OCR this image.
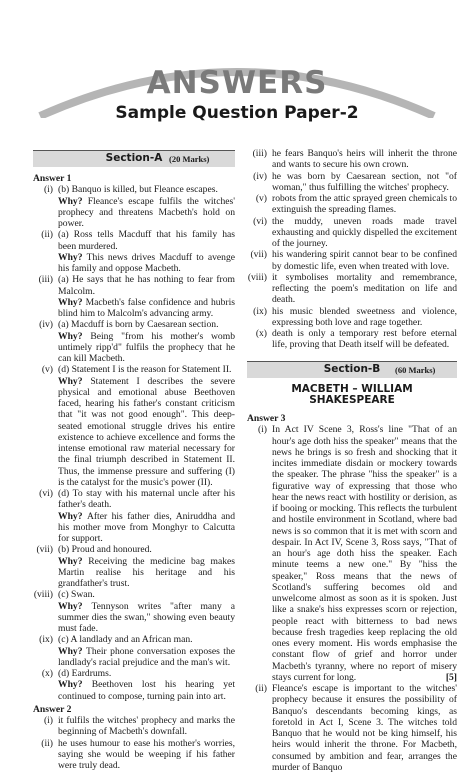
ANSWERS
Sample Question Paper-2
Section-A (20 Marks)
Answer 1
(i) (b) Banquo is killed, but Fleance escapes.
Why? Fleance's escape fulfils the witches' prophecy and threatens Macbeth's hold on power.
(ii) (a) Ross tells Macduff that his family has been murdered.
Why? This news drives Macduff to avenge his family and oppose Macbeth.
(iii) (a) He says that he has nothing to fear from Malcolm.
Why? Macbeth's false confidence and hubris blind him to Malcolm's advancing army.
(iv) (a) Macduff is born by Caesarean section.
Why? Being "from his mother's womb untimely ripp'd" fulfils the prophecy that he can kill Macbeth.
(v) (d) Statement I is the reason for Statement II.
Why? Statement I describes the severe physical and emotional abuse Beethoven faced, hearing his father's constant criticism that "it was not good enough". This deep-seated emotional struggle drives his entire existence to achieve excellence and forms the intense emotional raw material necessary for the final triumph described in Statement II. Thus, the immense pressure and suffering (I) is the catalyst for the music's power (II).
(vi) (d) To stay with his maternal uncle after his father's death.
Why? After his father dies, Aniruddha and his mother move from Monghyr to Calcutta for support.
(vii) (b) Proud and honoured.
Why? Receiving the medicine bag makes Martin realise his heritage and his grandfather's trust.
(viii) (c) Swan.
Why? Tennyson writes "after many a summer dies the swan," showing even beauty must fade.
(ix) (c) A landlady and an African man.
Why? Their phone conversation exposes the landlady's racial prejudice and the man's wit.
(x) (d) Eardrums.
Why? Beethoven lost his hearing yet continued to compose, turning pain into art.
Answer 2
(i) it fulfils the witches' prophecy and marks the beginning of Macbeth's downfall.
(ii) he uses humour to ease his mother's worries, saying she would be weeping if his father were truly dead.
(iii) he fears Banquo's heirs will inherit the throne and wants to secure his own crown.
(iv) he was born by Caesarean section, not "of woman," thus fulfilling the witches' prophecy.
(v) robots from the attic sprayed green chemicals to extinguish the spreading flames.
(vi) the muddy, uneven roads made travel exhausting and quickly dispelled the excitement of the journey.
(vii) his wandering spirit cannot bear to be confined by domestic life, even when treated with love.
(viii) it symbolises mortality and remembrance, reflecting the poem's meditation on life and death.
(ix) his music blended sweetness and violence, expressing both love and rage together.
(x) death is only a temporary rest before eternal life, proving that Death itself will be defeated.
Section-B	(60 Marks)
MACBETH – WILLIAM SHAKESPEARE
Answer 3
(i) In Act IV Scene 3, Ross's line "That of an hour's age doth hiss the speaker" means that the news he brings is so fresh and shocking that it incites immediate disdain or mockery towards the speaker. The phrase "hiss the speaker" is a figurative way of expressing that those who hear the news react with hostility or derision, as if booing or mocking. This reflects the turbulent and hostile environment in Scotland, where bad news is so common that it is met with scorn and despair. In Act IV, Scene 3, Ross says, "That of an hour's age doth hiss the speaker. Each minute teems a new one." By "hiss the speaker," Ross means that the news of Scotland's suffering becomes old and unwelcome almost as soon as it is spoken. Just like a snake's hiss expresses scorn or rejection, people react with bitterness to bad news because fresh tragedies keep replacing the old ones every moment. His words emphasise the constant flow of grief and horror under Macbeth's tyranny, where no report of misery stays current for long.	[5]
(ii) Fleance's escape is important to the witches' prophecy because it ensures the possibility of Banquo's descendants becoming kings, as foretold in Act I, Scene 3. The witches told Banquo that he would not be king himself, his heirs would inherit the throne. For Macbeth, consumed by ambition and fear, arranges the murder of Banquo
